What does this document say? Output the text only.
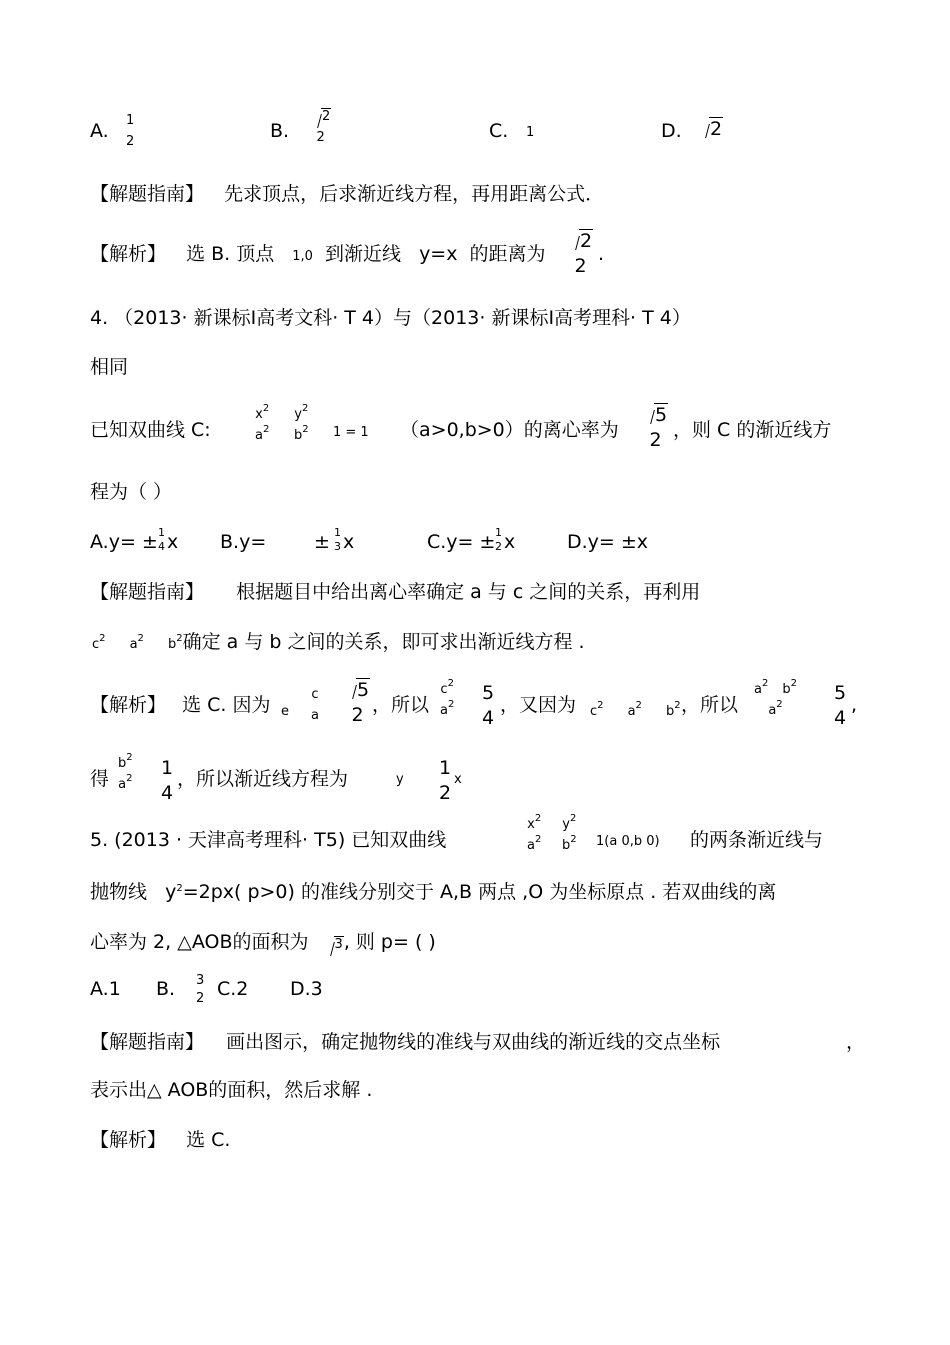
A. 1
2	B.
2
2	C. 1	D.	2
【解题指南】 先求顶点，后求渐近线方程，再用距离公式．
【解析】 选 B. 顶点 1,0 到渐近线 y=x 的距离为
2
2
.
4. （2013· 新课标Ⅰ高考文科· T 4）与（2013· 新课标Ⅰ高考理科· T 4）
相同
已知双曲线 C:
$x^2$
$a^2$
$y^2$
$b^2$ 1 = 1 （a>0,b>0）的离心率为
5
2 ，则 C 的渐近线方
程为（ ）
A.y= ± 1
4 x B.y=	± 1
3 x	C.y= ± 1
2 x	D.y= ±x
【解题指南】 根据题目中给出离心率确定 a 与 c 之间的关系，再利用
$c^2$ $a^2$ $b^2$确定 a 与 b 之间的关系，即可求出渐近线方程 .
【解析】 选 C. 因为 e
c
a
5
2 ，所以
$c^2$
$a^2$
5
4
，又因为 $c^2$ $a^2$ $b^2$ ，所以
$a^2$ $b^2$
$a^2$
5
4
,
得
$b^2$
$a^2$ 1
4
，所以渐近线方程为	y
1
2
x
5. (2013 · 天津高考理科· T5) 已知双曲线
$x^2$
$a^2$
$y^2$
$b^2$ 1(a 0,b 0) 的两条渐近线与
抛物线 $y^2=2px$( p>0) 的准线分别交于 A,B 两点 ,O 为坐标原点 . 若双曲线的离
心率为 2, △AOB的面积为 3, 则 p= ( )
A.1 B. 3
2 C.2 D.3
【解题指南】 画出图示，确定抛物线的准线与双曲线的渐近线的交点坐标	，
表示出△ AOB的面积，然后求解 .
【解析】 选 C.
